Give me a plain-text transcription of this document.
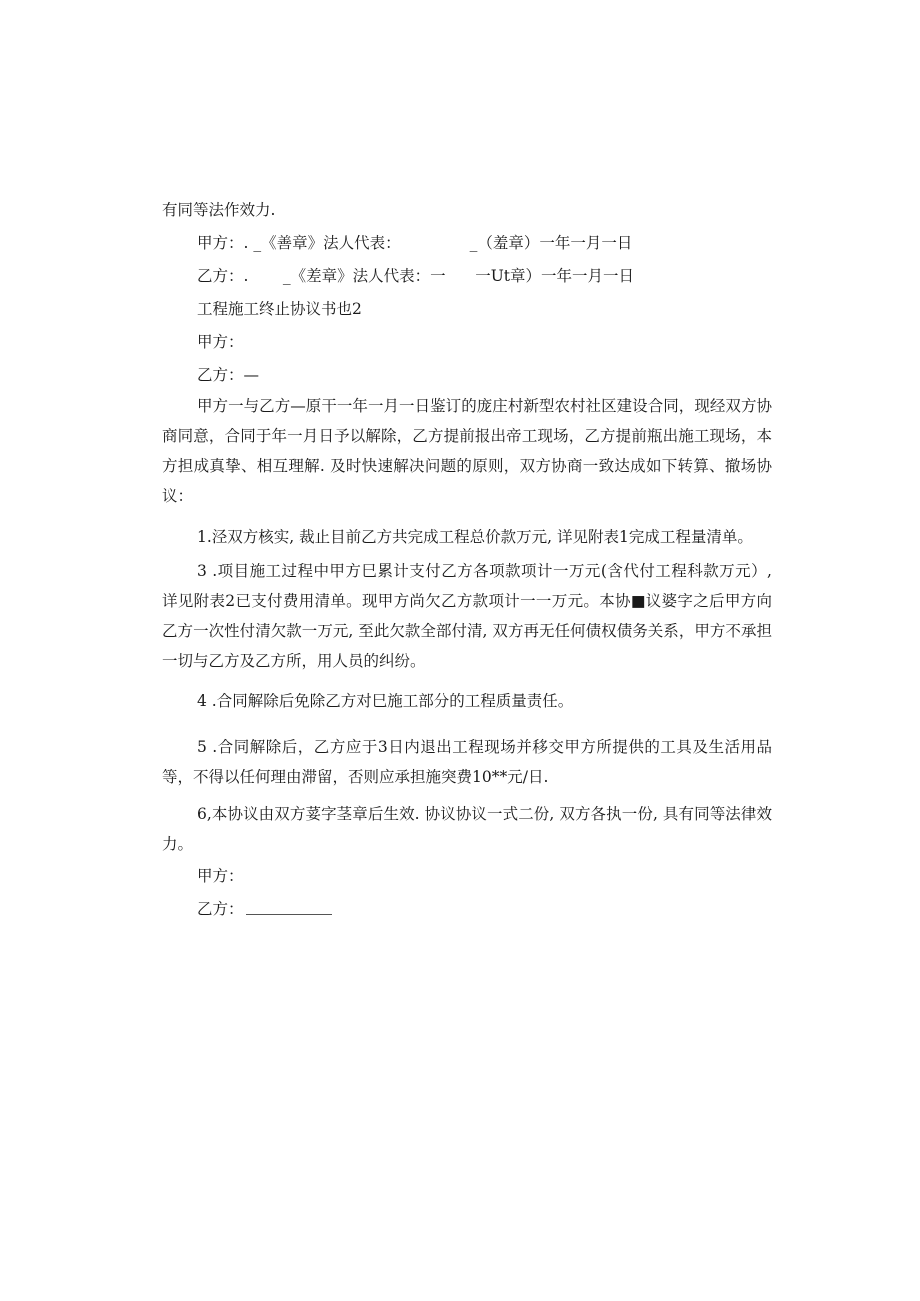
有同等法作效力.

甲方：. _《善章》法人代表：              _（羞章）一年一月一日

乙方：.       _《差章》法人代表：一      一Ut章）一年一月一日

工程施工终止协议书也2

甲方：

乙方：—

甲方一与乙方—原干一年一月一日鉴订的庞庄村新型农村社区建设合同，现经双方协商同意，合同于年一月日予以解除，乙方提前报出帝工现场，乙方提前瓶出施工现场，本方担成真挚、相互理解. 及时快速解决问题的原则，双方协商一致达成如下转算、撤场协议：

1.泾双方核实, 裁止目前乙方共完成工程总价款万元, 详见附表1完成工程量清单。

3 .项目施工过程中甲方巳累计支付乙方各项款项计一万元(含代付工程科款万元）, 详见附表2已支付费用清单。现甲方尚欠乙方款项计一一万元。本协■议婆字之后甲方向乙方一次性付清欠款一万元, 至此欠款全部付清, 双方再无任何债权债务关系，甲方不承担一切与乙方及乙方所，用人员的纠纷。

4 .合同解除后免除乙方对巳施工部分的工程质量责任。

5 .合同解除后，乙方应于3日内退出工程现场并移交甲方所提供的工具及生活用品等，不得以任何理由滞留，否则应承担施突费10**元/日.

6,本协议由双方荽字茎章后生效. 协议协议一式二份, 双方各执一份, 具有同等法律效力。

甲方：

乙方：
